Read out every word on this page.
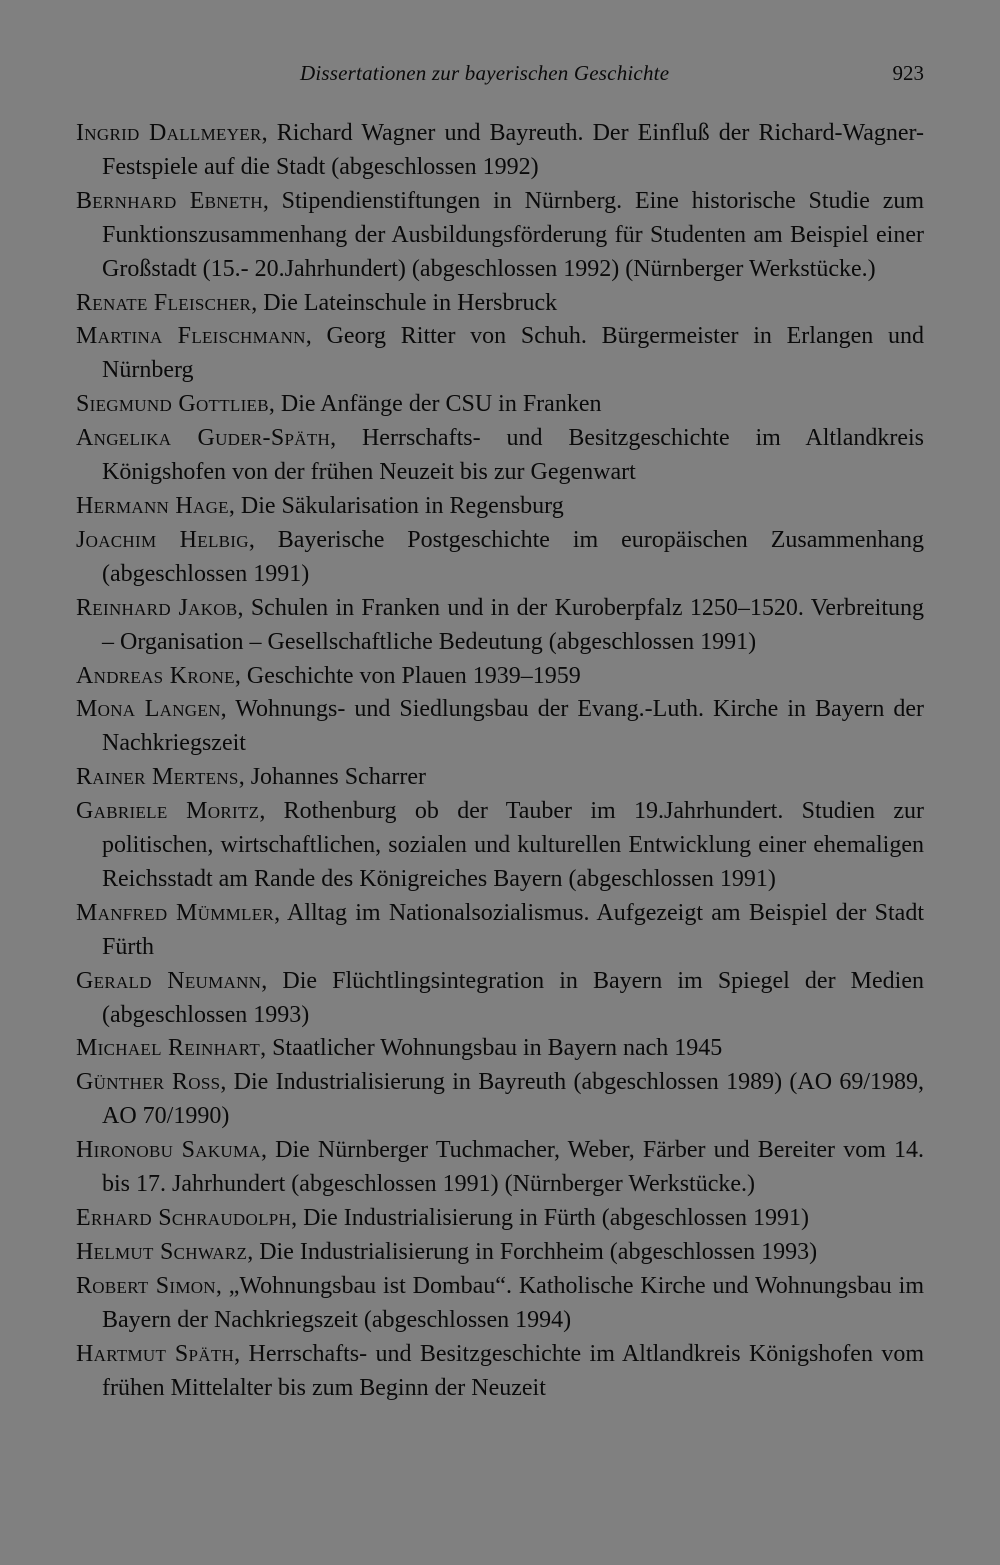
Dissertationen zur bayerischen Geschichte	923
Ingrid Dallmeyer, Richard Wagner und Bayreuth. Der Einfluß der Richard-Wagner-Festspiele auf die Stadt (abgeschlossen 1992)
Bernhard Ebneth, Stipendienstiftungen in Nürnberg. Eine historische Studie zum Funktionszusammenhang der Ausbildungsförderung für Studenten am Beispiel einer Großstadt (15.- 20.Jahrhundert) (abgeschlossen 1992) (Nürnberger Werkstücke.)
Renate Fleischer, Die Lateinschule in Hersbruck
Martina Fleischmann, Georg Ritter von Schuh. Bürgermeister in Erlangen und Nürnberg
Siegmund Gottlieb, Die Anfänge der CSU in Franken
Angelika Guder-Späth, Herrschafts- und Besitzgeschichte im Altlandkreis Königshofen von der frühen Neuzeit bis zur Gegenwart
Hermann Hage, Die Säkularisation in Regensburg
Joachim Helbig, Bayerische Postgeschichte im europäischen Zusammenhang (abgeschlossen 1991)
Reinhard Jakob, Schulen in Franken und in der Kuroberpfalz 1250–1520. Verbreitung – Organisation – Gesellschaftliche Bedeutung (abgeschlossen 1991)
Andreas Krone, Geschichte von Plauen 1939–1959
Mona Langen, Wohnungs- und Siedlungsbau der Evang.-Luth. Kirche in Bayern der Nachkriegszeit
Rainer Mertens, Johannes Scharrer
Gabriele Moritz, Rothenburg ob der Tauber im 19.Jahrhundert. Studien zur politischen, wirtschaftlichen, sozialen und kulturellen Entwicklung einer ehemaligen Reichsstadt am Rande des Königreiches Bayern (abgeschlossen 1991)
Manfred Mümmler, Alltag im Nationalsozialismus. Aufgezeigt am Beispiel der Stadt Fürth
Gerald Neumann, Die Flüchtlingsintegration in Bayern im Spiegel der Medien (abgeschlossen 1993)
Michael Reinhart, Staatlicher Wohnungsbau in Bayern nach 1945
Günther Ross, Die Industrialisierung in Bayreuth (abgeschlossen 1989) (AO 69/1989, AO 70/1990)
Hironobu Sakuma, Die Nürnberger Tuchmacher, Weber, Färber und Bereiter vom 14. bis 17. Jahrhundert (abgeschlossen 1991) (Nürnberger Werkstücke.)
Erhard Schraudolph, Die Industrialisierung in Fürth (abgeschlossen 1991)
Helmut Schwarz, Die Industrialisierung in Forchheim (abgeschlossen 1993)
Robert Simon, „Wohnungsbau ist Dombau“. Katholische Kirche und Wohnungsbau im Bayern der Nachkriegszeit (abgeschlossen 1994)
Hartmut Späth, Herrschafts- und Besitzgeschichte im Altlandkreis Königshofen vom frühen Mittelalter bis zum Beginn der Neuzeit
